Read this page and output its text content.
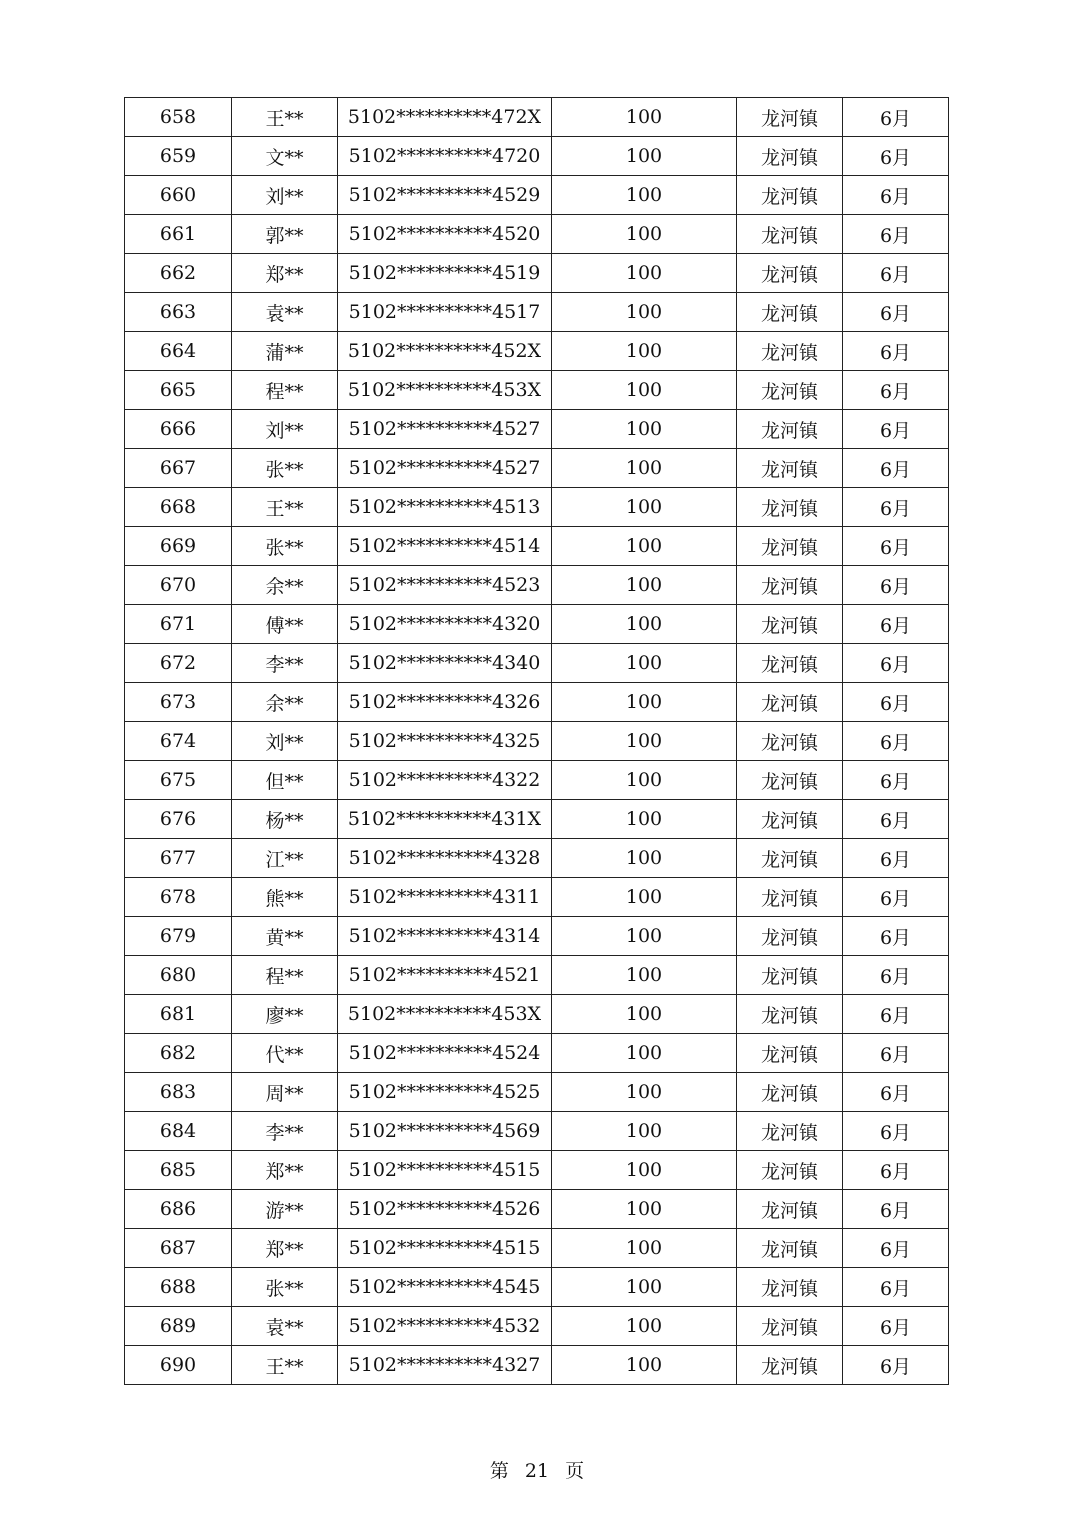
658	王**	5102**********472X	100	龙河镇	6月
659	文**	5102**********4720	100	龙河镇	6月
660	刘**	5102**********4529	100	龙河镇	6月
661	郭**	5102**********4520	100	龙河镇	6月
662	郑**	5102**********4519	100	龙河镇	6月
663	袁**	5102**********4517	100	龙河镇	6月
664	蒲**	5102**********452X	100	龙河镇	6月
665	程**	5102**********453X	100	龙河镇	6月
666	刘**	5102**********4527	100	龙河镇	6月
667	张**	5102**********4527	100	龙河镇	6月
668	王**	5102**********4513	100	龙河镇	6月
669	张**	5102**********4514	100	龙河镇	6月
670	余**	5102**********4523	100	龙河镇	6月
671	傅**	5102**********4320	100	龙河镇	6月
672	李**	5102**********4340	100	龙河镇	6月
673	余**	5102**********4326	100	龙河镇	6月
674	刘**	5102**********4325	100	龙河镇	6月
675	但**	5102**********4322	100	龙河镇	6月
676	杨**	5102**********431X	100	龙河镇	6月
677	江**	5102**********4328	100	龙河镇	6月
678	熊**	5102**********4311	100	龙河镇	6月
679	黄**	5102**********4314	100	龙河镇	6月
680	程**	5102**********4521	100	龙河镇	6月
681	廖**	5102**********453X	100	龙河镇	6月
682	代**	5102**********4524	100	龙河镇	6月
683	周**	5102**********4525	100	龙河镇	6月
684	李**	5102**********4569	100	龙河镇	6月
685	郑**	5102**********4515	100	龙河镇	6月
686	游**	5102**********4526	100	龙河镇	6月
687	郑**	5102**********4515	100	龙河镇	6月
688	张**	5102**********4545	100	龙河镇	6月
689	袁**	5102**********4532	100	龙河镇	6月
690	王**	5102**********4327	100	龙河镇	6月
第 21 页
